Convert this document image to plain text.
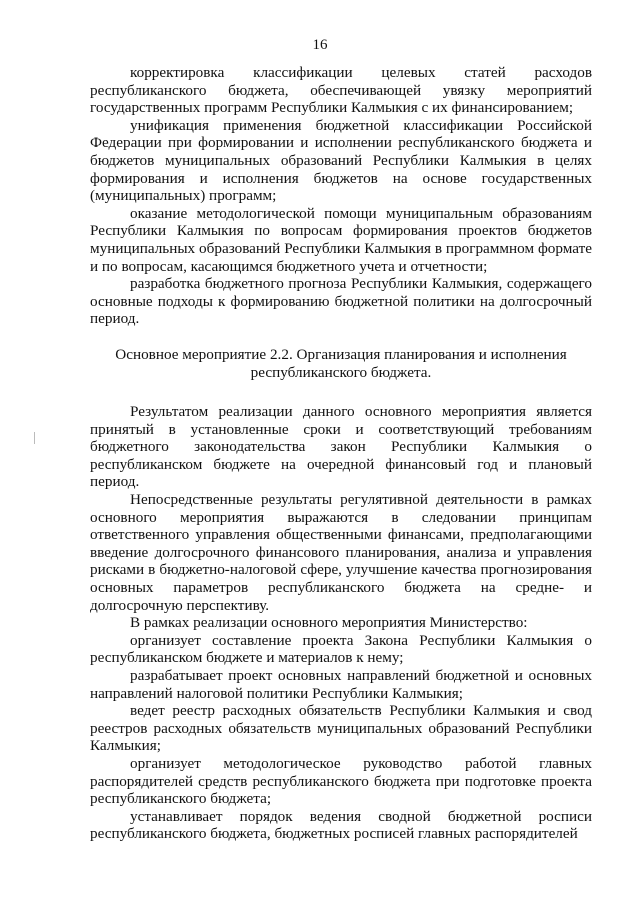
16

корректировка классификации целевых статей расходов республиканского бюджета, обеспечивающей увязку мероприятий государственных программ Республики Калмыкия с их финансированием;

унификация применения бюджетной классификации Российской Федерации при формировании и исполнении республиканского бюджета и бюджетов муниципальных образований Республики Калмыкия в целях формирования и исполнения бюджетов на основе государственных (муниципальных) программ;

оказание методологической помощи муниципальным образованиям Республики Калмыкия по вопросам формирования проектов бюджетов муниципальных образований Республики Калмыкия в программном формате и по вопросам, касающимся бюджетного учета и отчетности;

разработка бюджетного прогноза Республики Калмыкия, содержащего основные подходы к формированию бюджетной политики на долгосрочный период.

Основное мероприятие 2.2. Организация планирования и исполнения

республиканского бюджета.

Результатом реализации данного основного мероприятия является принятый в установленные сроки и соответствующий требованиям бюджетного законодательства закон Республики Калмыкия о республиканском бюджете на очередной финансовый год и плановый период.

Непосредственные результаты регулятивной деятельности в рамках основного мероприятия выражаются в следовании принципам ответственного управления общественными финансами, предполагающими введение долгосрочного финансового планирования, анализа и управления рисками в бюджетно-налоговой сфере, улучшение качества прогнозирования основных параметров республиканского бюджета на средне- и долгосрочную перспективу.

В рамках реализации основного мероприятия Министерство:

организует составление проекта Закона Республики Калмыкия о республиканском бюджете и материалов к нему;

разрабатывает проект основных направлений бюджетной и основных направлений налоговой политики Республики Калмыкия;

ведет реестр расходных обязательств Республики Калмыкия и свод реестров расходных обязательств муниципальных образований Республики Калмыкия;

организует методологическое руководство работой главных распорядителей средств республиканского бюджета при подготовке проекта республиканского бюджета;

устанавливает порядок ведения сводной бюджетной росписи республиканского бюджета, бюджетных росписей главных распорядителей
